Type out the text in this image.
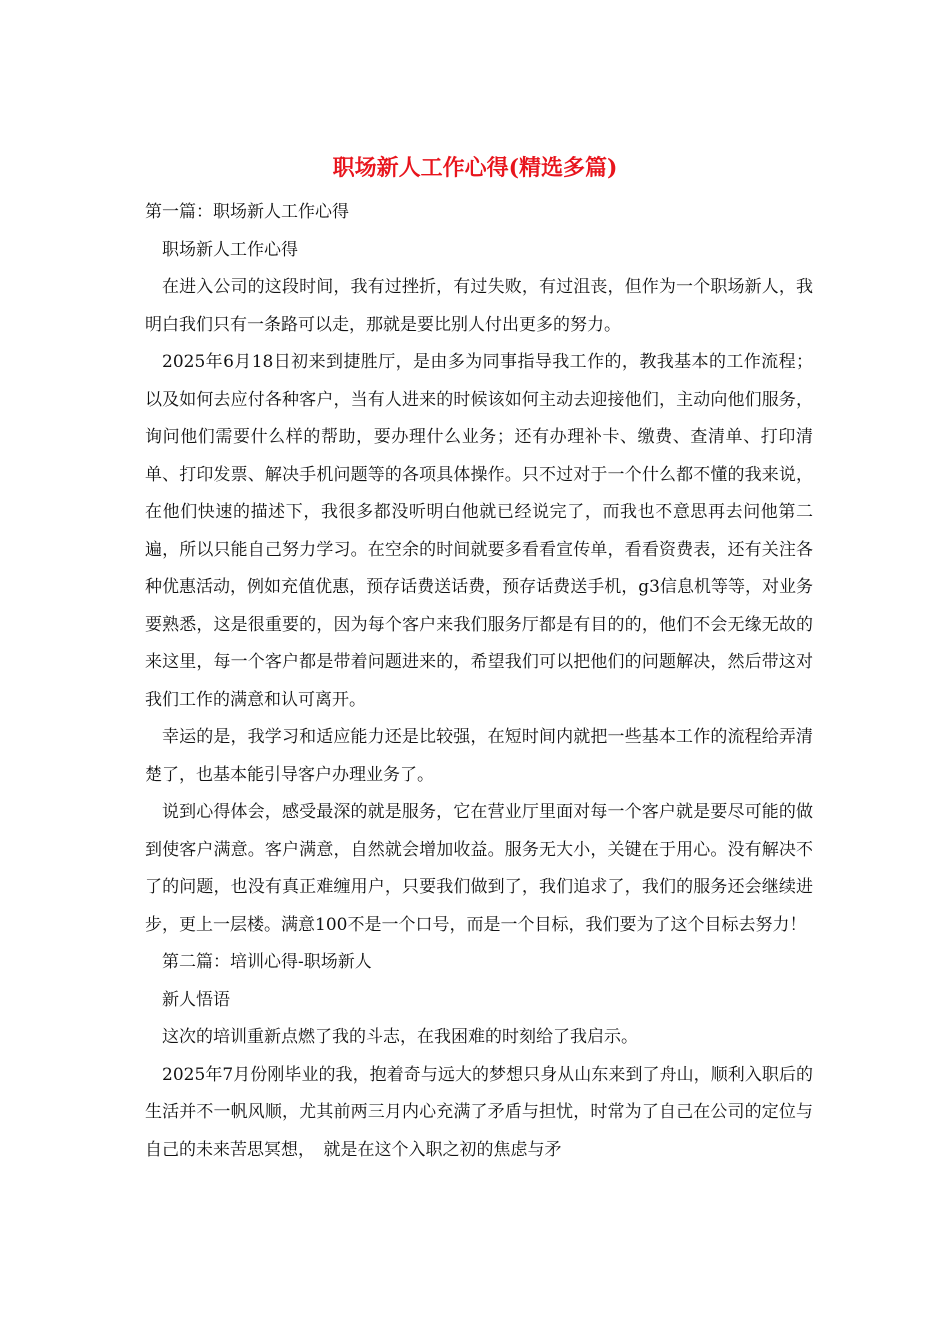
职场新人工作心得(精选多篇)

第一篇：职场新人工作心得

职场新人工作心得

在进入公司的这段时间，我有过挫折，有过失败，有过沮丧，但作为一个职场新人，我明白我们只有一条路可以走，那就是要比别人付出更多的努力。

2025年6月18日初来到捷胜厅，是由多为同事指导我工作的，教我基本的工作流程；以及如何去应付各种客户，当有人进来的时候该如何主动去迎接他们，主动向他们服务，询问他们需要什么样的帮助，要办理什么业务；还有办理补卡、缴费、查清单、打印清单、打印发票、解决手机问题等的各项具体操作。只不过对于一个什么都不懂的我来说，在他们快速的描述下，我很多都没听明白他就已经说完了，而我也不意思再去问他第二遍，所以只能自己努力学习。在空余的时间就要多看看宣传单，看看资费表，还有关注各种优惠活动，例如充值优惠，预存话费送话费，预存话费送手机，g3信息机等等，对业务要熟悉，这是很重要的，因为每个客户来我们服务厅都是有目的的，他们不会无缘无故的来这里，每一个客户都是带着问题进来的，希望我们可以把他们的问题解决，然后带这对我们工作的满意和认可离开。

幸运的是，我学习和适应能力还是比较强，在短时间内就把一些基本工作的流程给弄清楚了，也基本能引导客户办理业务了。

说到心得体会，感受最深的就是服务，它在营业厅里面对每一个客户就是要尽可能的做到使客户满意。客户满意，自然就会增加收益。服务无大小，关键在于用心。没有解决不了的问题，也没有真正难缠用户，只要我们做到了，我们追求了，我们的服务还会继续进步，更上一层楼。满意100不是一个口号，而是一个目标，我们要为了这个目标去努力！

第二篇：培训心得-职场新人

新人悟语

这次的培训重新点燃了我的斗志，在我困难的时刻给了我启示。

2025年7月份刚毕业的我，抱着奇与远大的梦想只身从山东来到了舟山，顺利入职后的生活并不一帆风顺，尤其前两三月内心充满了矛盾与担忧，时常为了自己在公司的定位与自己的未来苦思冥想，　就是在这个入职之初的焦虑与矛
